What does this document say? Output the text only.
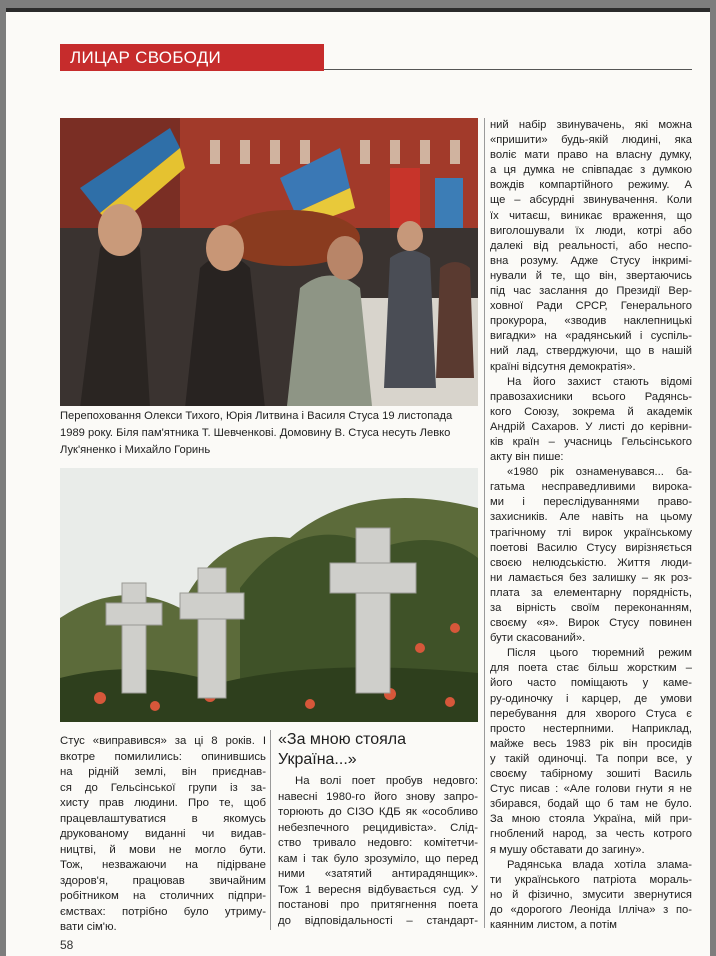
ЛИЦАР СВОБОДИ
Перепоховання Олекси Тихого, Юрія Литвина і Василя Стуса 19 листопада
1989 року. Біля пам'ятника Т. Шевченкові. Домовину В. Стуса несуть Левко
Лук'яненко і Михайло Горинь
Стус «виправився» за ці 8 років. І
вкотре помилились: опинившись
на рідній землі, він приєднав-
ся до Гельсінської групи із за-
хисту прав людини. Про те, щоб
працевлаштуватися в якомусь
друкованому виданні чи видав-
ництві, й мови не могло бути.
Тож, незважаючи на підірване
здоров'я, працював звичайним
робітником на столичних підпри-
ємствах: потрібно було утриму-
вати сім'ю.
«За мною стояла
Україна...»
На волі поет пробув недовго:
навесні 1980-го його знову запро-
торюють до СІЗО КДБ як «особливо
небезпечного рецидивіста». Слід-
ство тривало недовго: комітетчи-
кам і так було зрозуміло, що перед
ними «затятий антирадянщик».
Тож 1 вересня відбувається суд. У
постанові про притягнення поета
до відповідальності – стандарт-
ний набір звинувачень, які можна
«пришити» будь-якій людині, яка
воліє мати право на власну думку,
а ця думка не співпадає з думкою
вождів компартійного режиму. А
ще – абсурдні звинувачення. Коли
їх читаєш, виникає враження, що
виголошували їх люди, котрі або
далекі від реальності, або неспо-
вна розуму. Адже Стусу інкримі-
нували й те, що він, звертаючись
під час заслання до Президії Вер-
ховної Ради СРСР, Генерального
прокурора, «зводив наклепницькі
вигадки» на «радянський і суспіль-
ний лад, стверджуючи, що в нашій
країні відсутня демократія».
На його захист стають відомі
правозахисники всього Радянсь-
кого Союзу, зокрема й академік
Андрій Сахаров. У листі до керівни-
ків країн – учасниць Гельсінського
акту він пише:
«1980 рік ознаменувався... ба-
гатьма несправедливими вирока-
ми і переслідуваннями право-
захисників. Але навіть на цьому
трагічному тлі вирок українському
поетові Василю Стусу вирізняється
своєю нелюдськістю. Життя люди-
ни ламається без залишку – як роз-
плата за елементарну порядність,
за вірність своїм переконанням,
своєму «я». Вирок Стусу повинен
бути скасований».
Після цього тюремний режим
для поета стає більш жорстким –
його часто поміщають у каме-
ру-одиночку і карцер, де умови
перебування для хворого Стуса є
просто нестерпними. Наприклад,
майже весь 1983 рік він просидів
у такій одиночці. Та попри все, у
своєму табірному зошиті Василь
Стус писав : «Але голови гнути я не
збирався, бодай що б там не було.
За мною стояла Україна, мій при-
гноблений народ, за честь котрого
я мушу обставати до загину».
Радянська влада хотіла злама-
ти українського патріота мораль-
но й фізично, змусити звернутися
до «дорогого Леоніда Ілліча» з по-
каянним листом, а потім
58
